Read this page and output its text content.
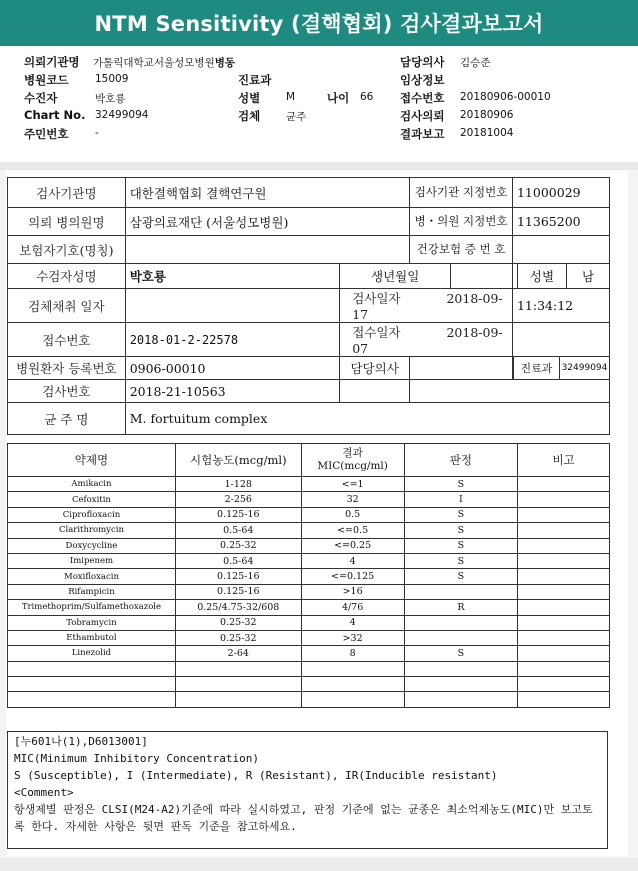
NTM Sensitivity (결핵협회) 검사결과보고서
의뢰기관명 가톨릭대학교서울성모병원병동	담당의사 김승준
병원코드	15009	진료과	임상정보
수진자	박호룡	성별 M	나이 66 접수번호 20180906-00010
Chart No. 32499094	검체 균주	검사의뢰 20180906
주민번호	-	결과보고 20181004
검사기관명	대한결핵협회 결핵연구원		검사기관 지정번호	11000029
의뢰 병의원명	삼광의료재단 (서울성모병원)		병・의원 지정번호	11365200
보험자기호(명칭)			건강보험 증 번 호	
수검자성명	박호룡	생년월일		성별 남

검체채취 일자		검사일자 2018-09-17		11:34:12
접수번호	2018-01-2-22578	접수일자 2018-09-07		
병원환자 등록번호	0906-00010	담당의사		진료과 32499094

검사번호	2018-21-10563			
균 주 명	M. fortuitum complex			
약제명	시험농도(mcg/ml)	결과 MIC(mcg/ml)	판정	비고
Amikacin	1-128	<=1	S	
Cefoxitin	2-256	32	I	
Ciprofloxacin	0.125-16	0.5	S	
Clarithromycin	0.5-64	<=0.5	S	
Doxycycline	0.25-32	<=0.25	S	
Imipenem	0.5-64	4	S	
Moxifloxacin	0.125-16	<=0.125	S	
Rifampicin	0.125-16	>16		
Trimethoprim/Sulfamethoxazole	0.25/4.75-32/608	4/76	R	
Tobramycin	0.25-32	4		
Ethambutol	0.25-32	>32		
Linezolid	2-64	8	S	

[누601나(1),D6013001]
MIC(Minimum Inhibitory Concentration)
S (Susceptible), I (Intermediate), R (Resistant), IR(Inducible resistant)
<Comment>
항생제별 판정은 CLSI(M24-A2)기준에 따라 실시하였고, 판정 기준에 없는 균종은 최소억제농도(MIC)만 보고토록 한다. 자세한 사항은 뒷면 판독 기준을 참고하세요.
